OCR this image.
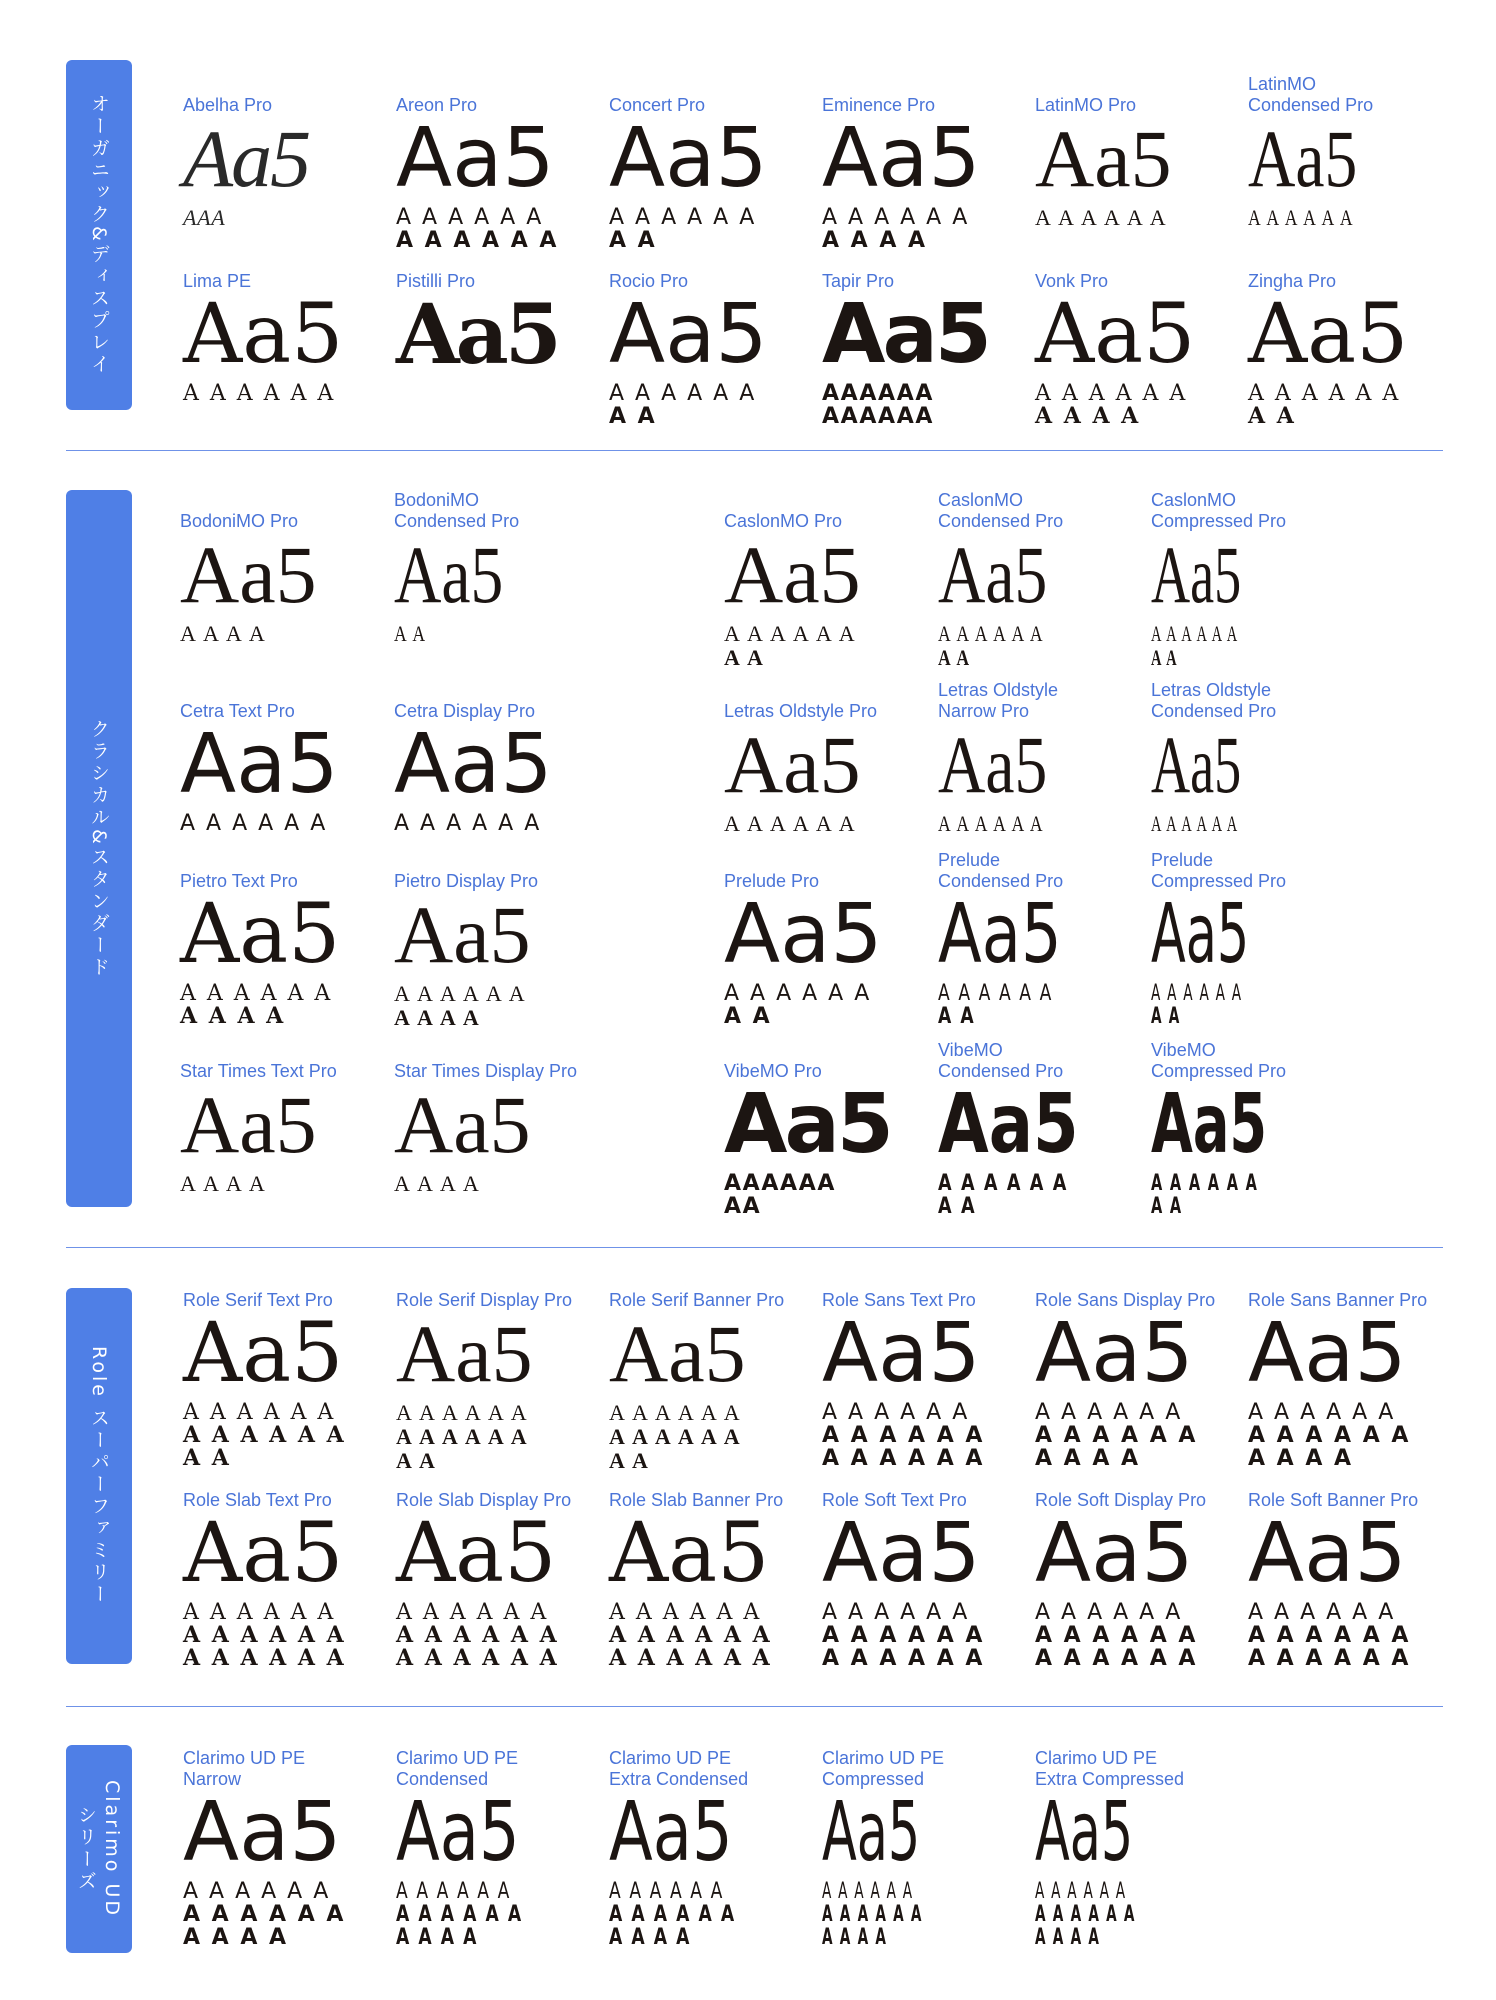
オーガニック&ディスプレイ
クラシカル&スタンダード
Role スーパーファミリー
Clarimo UD
シリーズ
Abelha Pro
Aa5
A A A
Areon Pro
Aa5
A A A A A A
A A A A A A
Concert Pro
Aa5
A A A A A A
A A
Eminence Pro
Aa5
A A A A A A
A A A A
LatinMO Pro
Aa5
A A A A A A
LatinMO
Condensed Pro
Aa5
A A A A A A
Lima PE
Aa5
A A A A A A
Pistilli Pro
Aa5
Rocio Pro
Aa5
A A A A A A
A A
Tapir Pro
Aa5
A A A A A A
A A A A A A
Vonk Pro
Aa5
A A A A A A
A A A A
Zingha Pro
Aa5
A A A A A A
A A
BodoniMO Pro
Aa5
A A A A
BodoniMO
Condensed Pro
Aa5
A A
CaslonMO Pro
Aa5
A A A A A A
A A
CaslonMO
Condensed Pro
Aa5
A A A A A A
A A
CaslonMO
Compressed Pro
Aa5
A A A A A A
A A
Cetra Text Pro
Aa5
A A A A A A
Cetra Display Pro
Aa5
A A A A A A
Letras Oldstyle Pro
Aa5
A A A A A A
Letras Oldstyle
Narrow Pro
Aa5
A A A A A A
Letras Oldstyle
Condensed Pro
Aa5
A A A A A A
Pietro Text Pro
Aa5
A A A A A A
A A A A
Pietro Display Pro
Aa5
A A A A A A
A A A A
Prelude Pro
Aa5
A A A A A A
A A
Prelude
Condensed Pro
Aa5
A A A A A A
A A
Prelude
Compressed Pro
Aa5
A A A A A A
A A
Star Times Text Pro
Aa5
A A A A
Star Times Display Pro
Aa5
A A A A
VibeMO Pro
Aa5
A A A A A A
A A
VibeMO
Condensed Pro
Aa5
A A A A A A
A A
VibeMO
Compressed Pro
Aa5
A A A A A A
A A
Role Serif Text Pro
Aa5
A A A A A A
A A A A A A
A A
Role Serif Display Pro
Aa5
A A A A A A
A A A A A A
A A
Role Serif Banner Pro
Aa5
A A A A A A
A A A A A A
A A
Role Sans Text Pro
Aa5
A A A A A A
A A A A A A
A A A A A A
Role Sans Display Pro
Aa5
A A A A A A
A A A A A A
A A A A
Role Sans Banner Pro
Aa5
A A A A A A
A A A A A A
A A A A
Role Slab Text Pro
Aa5
A A A A A A
A A A A A A
A A A A A A
Role Slab Display Pro
Aa5
A A A A A A
A A A A A A
A A A A A A
Role Slab Banner Pro
Aa5
A A A A A A
A A A A A A
A A A A A A
Role Soft Text Pro
Aa5
A A A A A A
A A A A A A
A A A A A A
Role Soft Display Pro
Aa5
A A A A A A
A A A A A A
A A A A A A
Role Soft Banner Pro
Aa5
A A A A A A
A A A A A A
A A A A A A
Clarimo UD PE
Narrow
Aa5
A A A A A A
A A A A A A
A A A A
Clarimo UD PE
Condensed
Aa5
A A A A A A
A A A A A A
A A A A
Clarimo UD PE
Extra Condensed
Aa5
A A A A A A
A A A A A A
A A A A
Clarimo UD PE
Compressed
Aa5
A A A A A A
A A A A A A
A A A A
Clarimo UD PE
Extra Compressed
Aa5
A A A A A A
A A A A A A
A A A A
